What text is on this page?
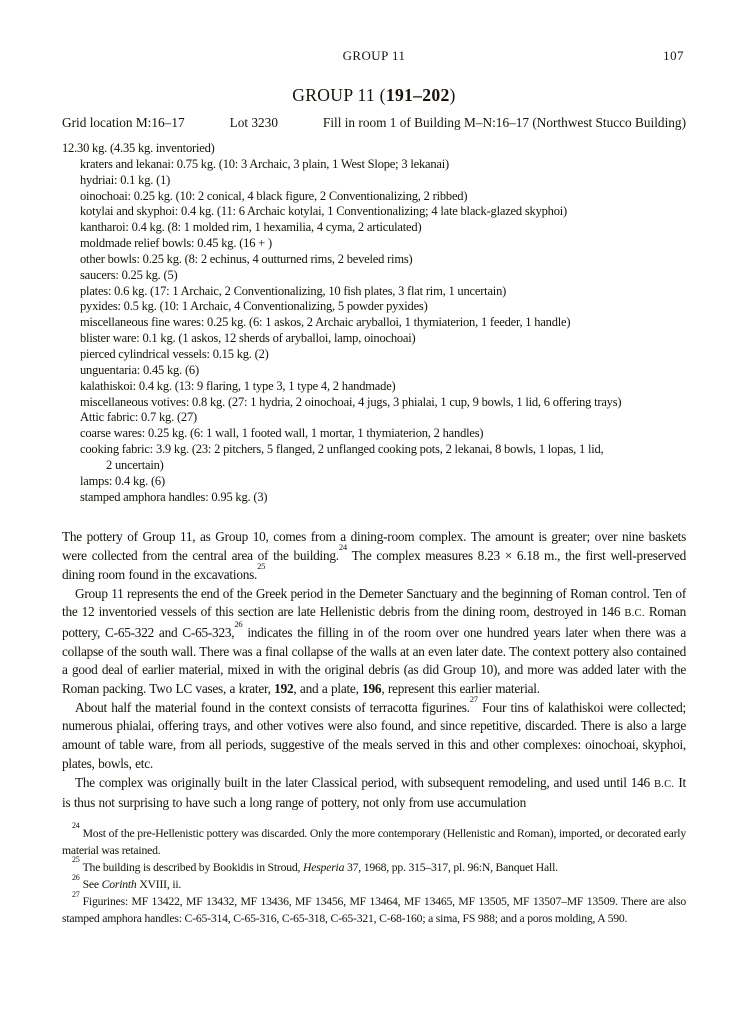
GROUP 11	107
GROUP 11 (191–202)
Grid location M:16–17	Lot 3230	Fill in room 1 of Building M–N:16–17 (Northwest Stucco Building)
12.30 kg. (4.35 kg. inventoried)
kraters and lekanai: 0.75 kg. (10: 3 Archaic, 3 plain, 1 West Slope; 3 lekanai)
hydriai: 0.1 kg. (1)
oinochoai: 0.25 kg. (10: 2 conical, 4 black figure, 2 Conventionalizing, 2 ribbed)
kotylai and skyphoi: 0.4 kg. (11: 6 Archaic kotylai, 1 Conventionalizing; 4 late black-glazed skyphoi)
kantharoi: 0.4 kg. (8: 1 molded rim, 1 hexamilia, 4 cyma, 2 articulated)
moldmade relief bowls: 0.45 kg. (16 + )
other bowls: 0.25 kg. (8: 2 echinus, 4 outturned rims, 2 beveled rims)
saucers: 0.25 kg. (5)
plates: 0.6 kg. (17: 1 Archaic, 2 Conventionalizing, 10 fish plates, 3 flat rim, 1 uncertain)
pyxides: 0.5 kg. (10: 1 Archaic, 4 Conventionalizing, 5 powder pyxides)
miscellaneous fine wares: 0.25 kg. (6: 1 askos, 2 Archaic aryballoi, 1 thymiaterion, 1 feeder, 1 handle)
blister ware: 0.1 kg. (1 askos, 12 sherds of aryballoi, lamp, oinochoai)
pierced cylindrical vessels: 0.15 kg. (2)
unguentaria: 0.45 kg. (6)
kalathiskoi: 0.4 kg. (13: 9 flaring, 1 type 3, 1 type 4, 2 handmade)
miscellaneous votives: 0.8 kg. (27: 1 hydria, 2 oinochoai, 4 jugs, 3 phialai, 1 cup, 9 bowls, 1 lid, 6 offering trays)
Attic fabric: 0.7 kg. (27)
coarse wares: 0.25 kg. (6: 1 wall, 1 footed wall, 1 mortar, 1 thymiaterion, 2 handles)
cooking fabric: 3.9 kg. (23: 2 pitchers, 5 flanged, 2 unflanged cooking pots, 2 lekanai, 8 bowls, 1 lopas, 1 lid,
2 uncertain)
lamps: 0.4 kg. (6)
stamped amphora handles: 0.95 kg. (3)

The pottery of Group 11, as Group 10, comes from a dining-room complex. The amount is greater; over nine baskets were collected from the central area of the building.$^{24}$ The complex measures 8.23 × 6.18 m., the first well-preserved dining room found in the excavations.$^{25}$

Group 11 represents the end of the Greek period in the Demeter Sanctuary and the beginning of Roman control. Ten of the 12 inventoried vessels of this section are late Hellenistic debris from the dining room, destroyed in 146 B.C. Roman pottery, C-65-322 and C-65-323,26 indicates the filling in of the room over one hundred years later when there was a collapse of the south wall. There was a final collapse of the walls at an even later date. The context pottery also contained a good deal of earlier material, mixed in with the original debris (as did Group 10), and more was added later with the Roman packing. Two LC vases, a krater, 192, and a plate, 196, represent this earlier material.

About half the material found in the context consists of terracotta figurines.$^{27}$ Four tins of kalathiskoi were collected; numerous phialai, offering trays, and other votives were also found, and since repetitive, discarded. There is also a large amount of table ware, from all periods, suggestive of the meals served in this and other complexes: oinochoai, skyphoi, plates, bowls, etc.

The complex was originally built in the later Classical period, with subsequent remodeling, and used until 146 B.C. It is thus not surprising to have such a long range of pottery, not only from use accumulation

$^{24}$Most of the pre-Hellenistic pottery was discarded. Only the more contemporary (Hellenistic and Roman), imported, or decorated early material was retained.

$^{25}$The building is described by Bookidis in Stroud, Hesperia 37, 1968, pp. 315–317, pl. 96:N, Banquet Hall.

$^{26}$See Corinth XVIII, ii.

$^{27}$Figurines: MF 13422, MF 13432, MF 13436, MF 13456, MF 13464, MF 13465, MF 13505, MF 13507–MF 13509. There are also stamped amphora handles: C-65-314, C-65-316, C-65-318, C-65-321, C-68-160; a sima, FS 988; and a poros molding, A 590.
